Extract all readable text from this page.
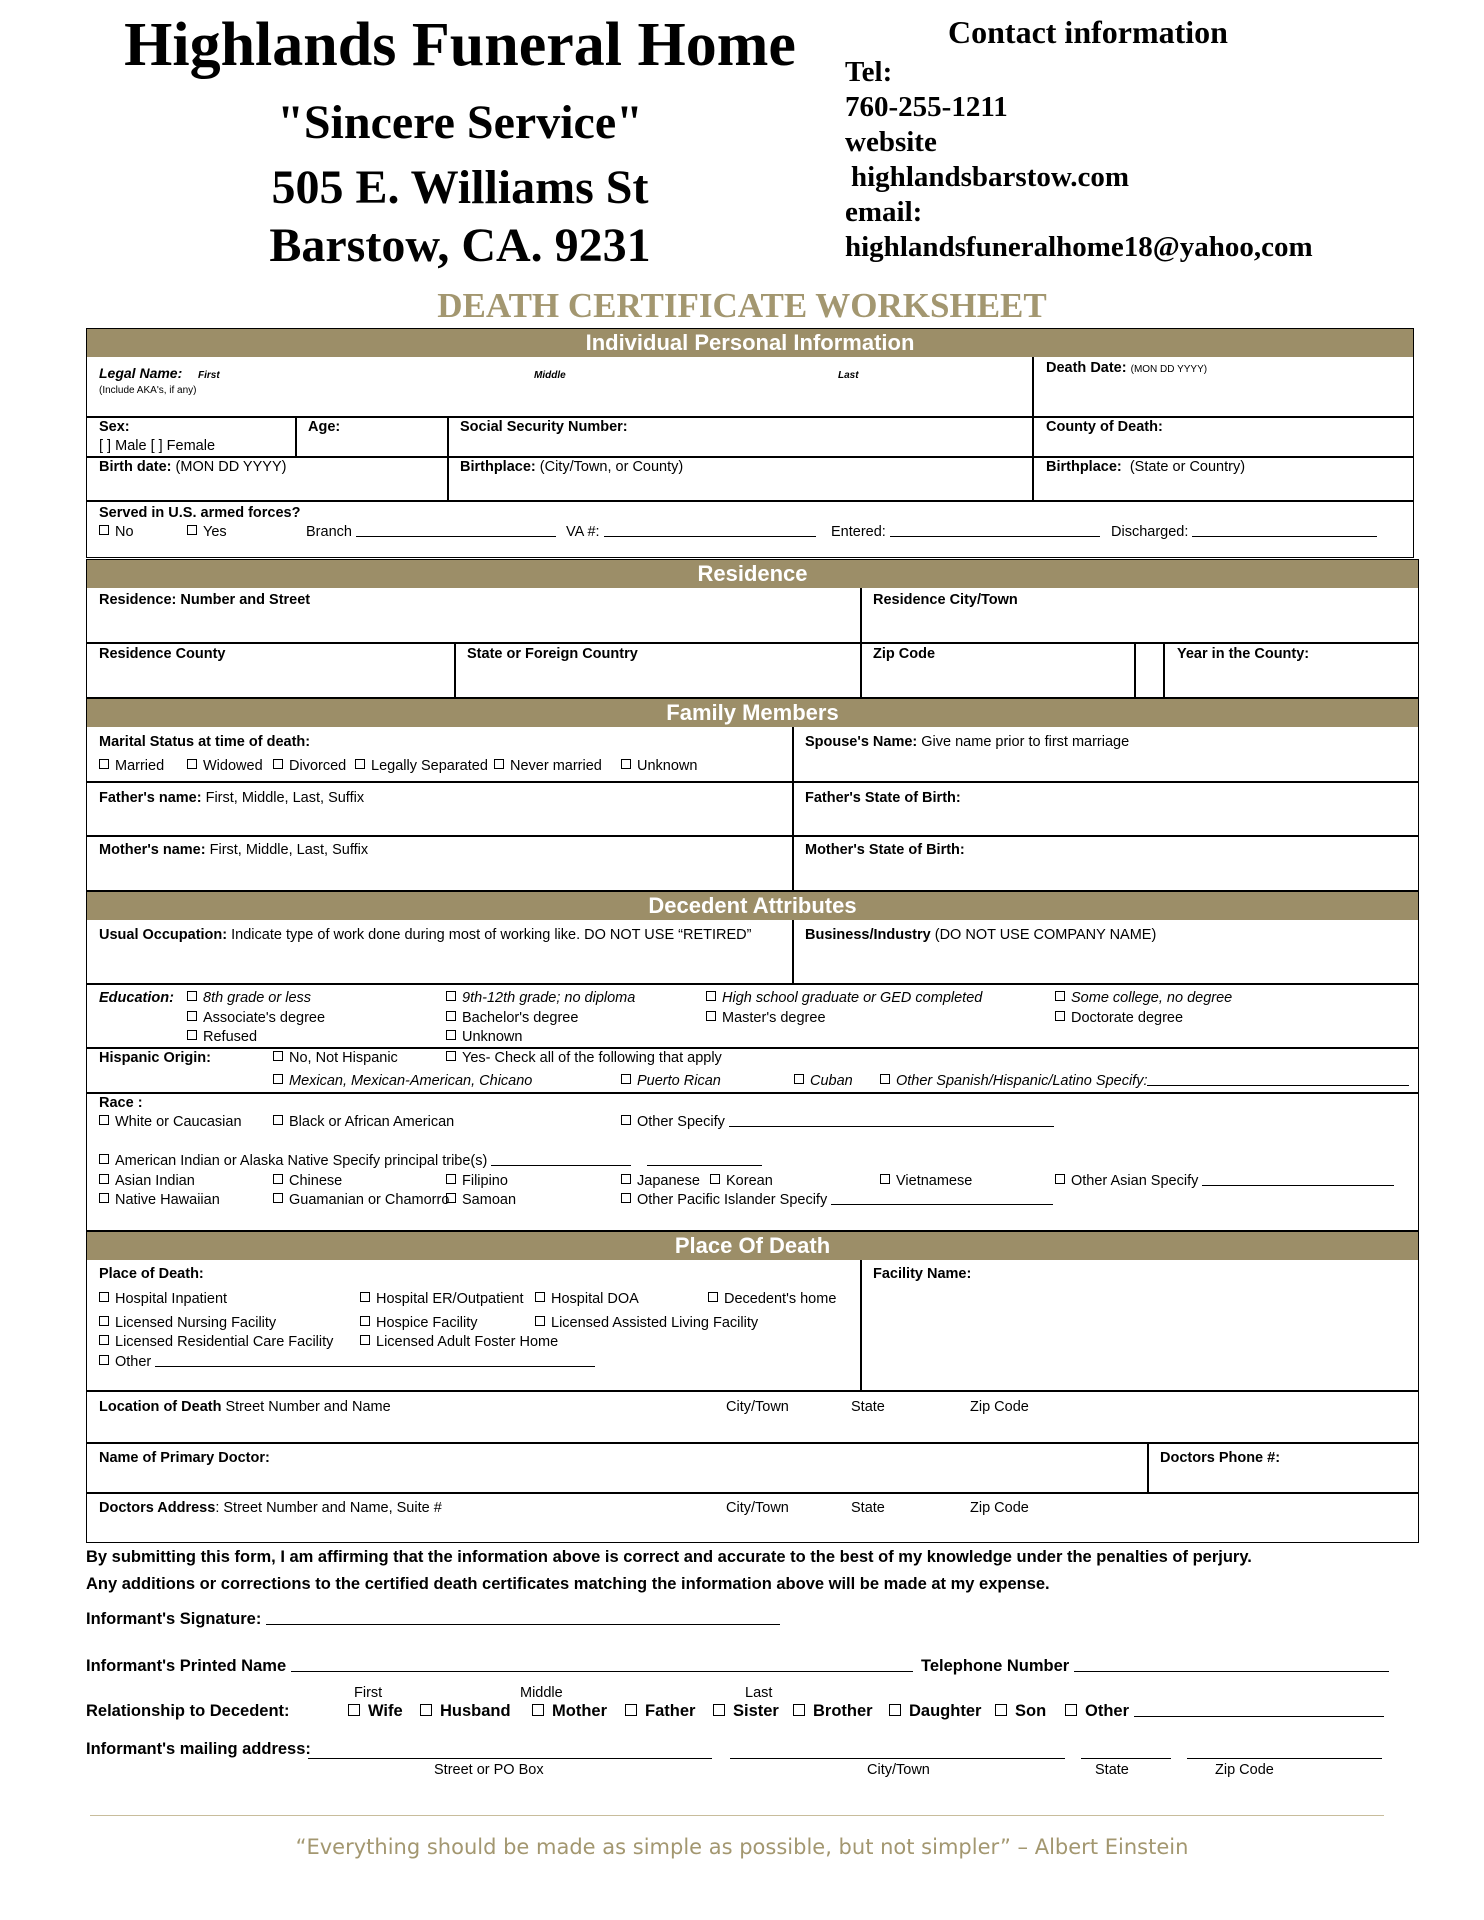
Highlands Funeral Home
"Sincere Service"
505 E. Williams St
Barstow, CA. 9231
Contact information
Tel:
760-255-1211
website
highlandsbarstow.com
email:
highlandsfuneralhome18@yahoo,com
DEATH CERTIFICATE WORKSHEET
Individual Personal Information
Legal Name: First	Middle	Last
(Include AKA's, if any)
Death Date: (MON DD YYYY)
Sex:
[ ] Male [ ] Female
Age:	Social Security Number:	County of Death:
Birth date: (MON DD YYYY)	Birthplace: (City/Town, or County)	Birthplace: (State or Country)
Served in U.S. armed forces?
No	Yes	Branch	VA #:	Entered:	Discharged:
Residence
Residence: Number and Street	Residence City/Town
Residence County	State or Foreign Country	Zip Code	Year in the County:
Family Members
Marital Status at time of death:
Married	Widowed	Divorced	Legally Separated	Never married	Unknown
Spouse's Name: Give name prior to first marriage
Father's name: First, Middle, Last, Suffix	Father's State of Birth:
Mother's name: First, Middle, Last, Suffix	Mother's State of Birth:
Decedent Attributes
Usual Occupation: Indicate type of work done during most of working like. DO NOT USE “RETIRED”	Business/Industry (DO NOT USE COMPANY NAME)
Education:	8th grade or less	9th-12th grade; no diploma	High school graduate or GED completed	Some college, no degree
Associate's degree	Bachelor's degree	Master's degree	Doctorate degree
Refused	Unknown
Hispanic Origin:	No, Not Hispanic	Yes- Check all of the following that apply
Mexican, Mexican-American, Chicano	Puerto Rican	Cuban	Other Spanish/Hispanic/Latino Specify:
Race :
White or Caucasian	Black or African American	Other Specify
American Indian or Alaska Native Specify principal tribe(s)
Asian Indian	Chinese	Filipino	Japanese	Korean	Vietnamese	Other Asian Specify
Native Hawaiian	Guamanian or Chamorro Samoan	Other Pacific Islander Specify
Place Of Death
Place of Death:	Facility Name:
Hospital Inpatient	Hospital ER/Outpatient	Hospital DOA	Decedent's home
Licensed Nursing Facility	Hospice Facility	Licensed Assisted Living Facility
Licensed Residential Care Facility	Licensed Adult Foster Home
Other
Location of Death Street Number and Name	City/Town	State	Zip Code
Name of Primary Doctor:	Doctors Phone #:
Doctors Address: Street Number and Name, Suite #	City/Town	State	Zip Code
By submitting this form, I am affirming that the information above is correct and accurate to the best of my knowledge under the penalties of perjury.
Any additions or corrections to the certified death certificates matching the information above will be made at my expense.
Informant's Signature:
Informant's Printed Name	Telephone Number
First	Middle	Last
Relationship to Decedent:	Wife	Husband	Mother	Father	Sister	Brother	Daughter	Son	Other
Informant's mailing address:
Street or PO Box	City/Town	State	Zip Code
“Everything should be made as simple as possible, but not simpler” – Albert Einstein
